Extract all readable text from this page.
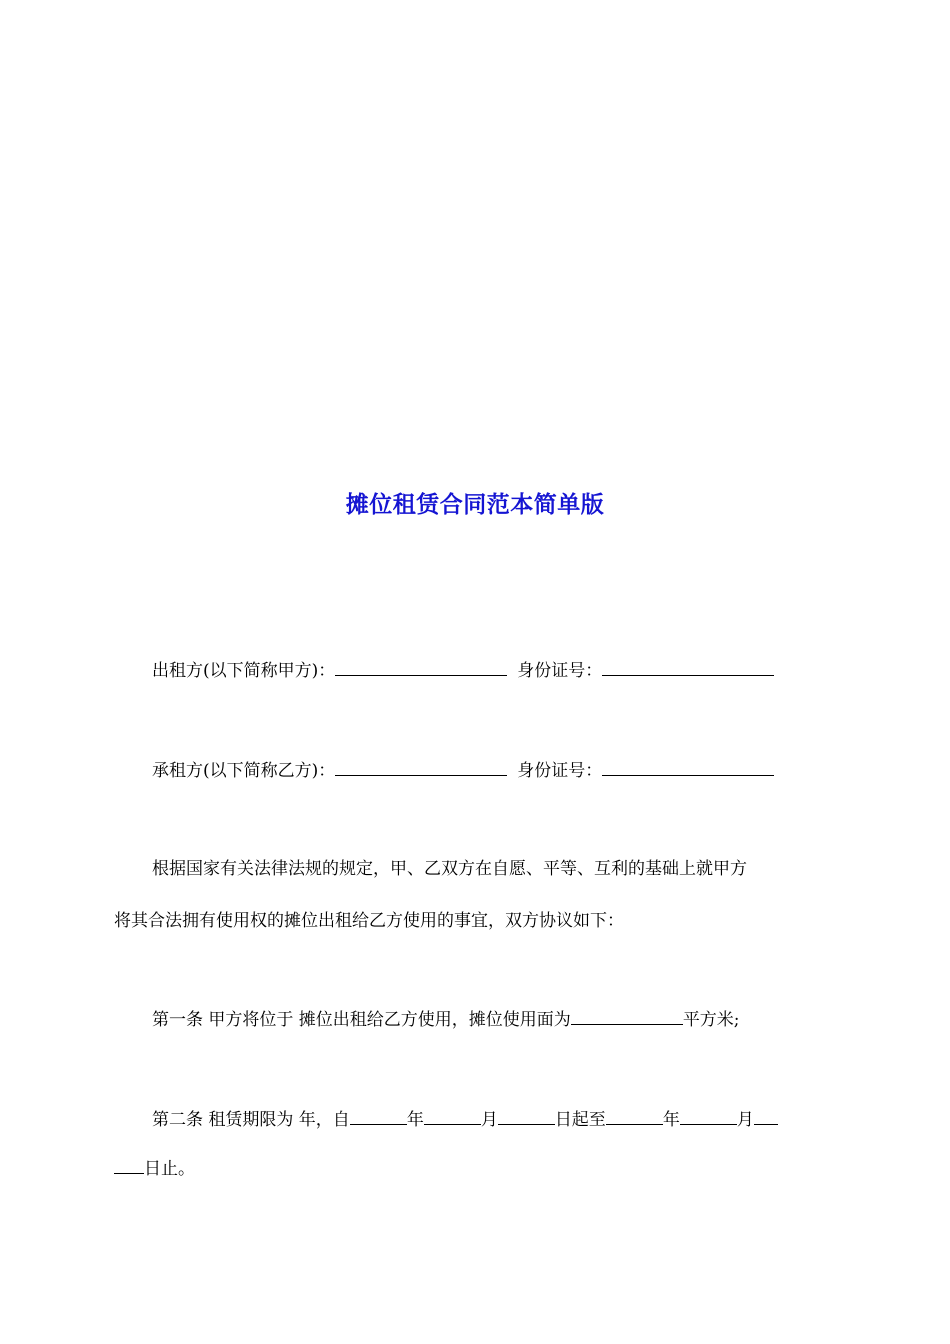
摊位租赁合同范本简单版
出租方(以下简称甲方)：	身份证号：
承租方(以下简称乙方)：	身份证号：
根据国家有关法律法规的规定，甲、乙双方在自愿、平等、互利的基础上就甲方
将其合法拥有使用权的摊位出租给乙方使用的事宜，双方协议如下：
第一条 甲方将位于 摊位出租给乙方使用，摊位使用面为	平方米;
第二条 租赁期限为 年，自	年	月	日起至	年	月
日止。
